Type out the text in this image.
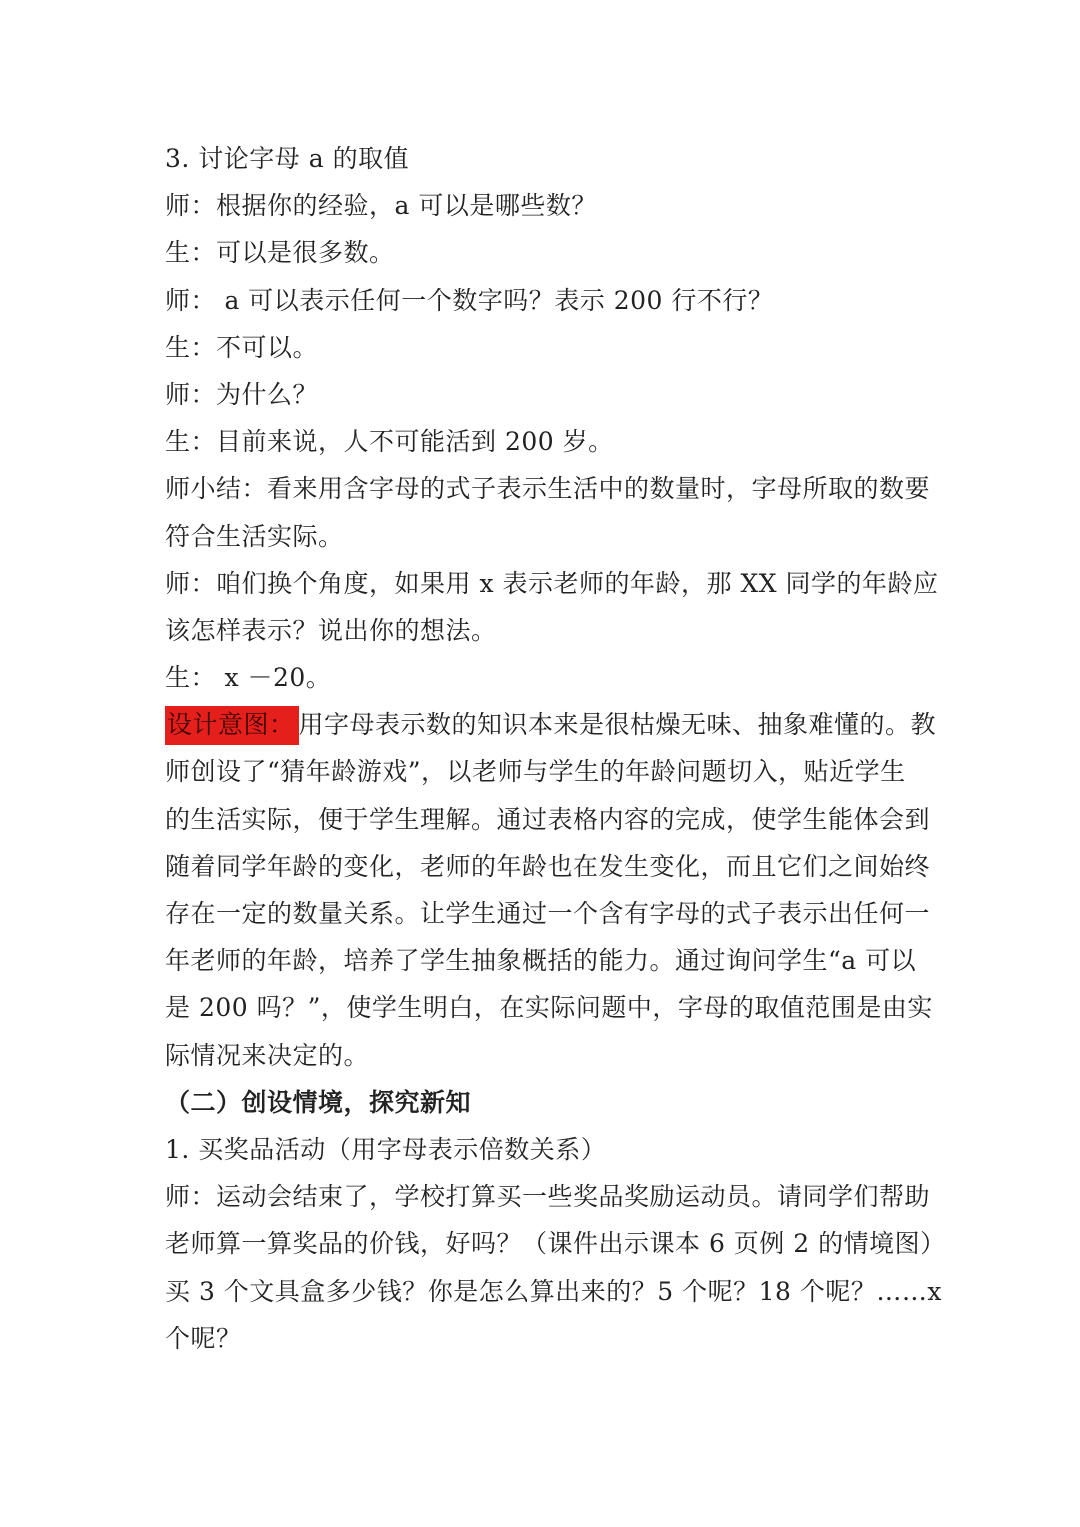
3. 讨论字母 a 的取值
师：根据你的经验，a 可以是哪些数？
生：可以是很多数。
师： a 可以表示任何一个数字吗？表示 200 行不行？
生：不可以。
师：为什么？
生：目前来说，人不可能活到 200 岁。
师小结：看来用含字母的式子表示生活中的数量时，字母所取的数要
符合生活实际。
师：咱们换个角度，如果用 x 表示老师的年龄，那 XX 同学的年龄应
该怎样表示？说出你的想法。
生： x －20。
设计意图： 用字母表示数的知识本来是很枯燥无味、抽象难懂的。教
师创设了“猜年龄游戏”，以老师与学生的年龄问题切入，贴近学生
的生活实际，便于学生理解。通过表格内容的完成，使学生能体会到
随着同学年龄的变化，老师的年龄也在发生变化，而且它们之间始终
存在一定的数量关系。让学生通过一个含有字母的式子表示出任何一
年老师的年龄，培养了学生抽象概括的能力。通过询问学生“a 可以
是 200 吗？”，使学生明白，在实际问题中，字母的取值范围是由实
际情况来决定的。
（二）创设情境，探究新知
1. 买奖品活动（用字母表示倍数关系）
师：运动会结束了，学校打算买一些奖品奖励运动员。请同学们帮助
老师算一算奖品的价钱，好吗？（课件出示课本 6 页例 2 的情境图）
买 3 个文具盒多少钱？你是怎么算出来的？5 个呢？18 个呢？……x
个呢？
